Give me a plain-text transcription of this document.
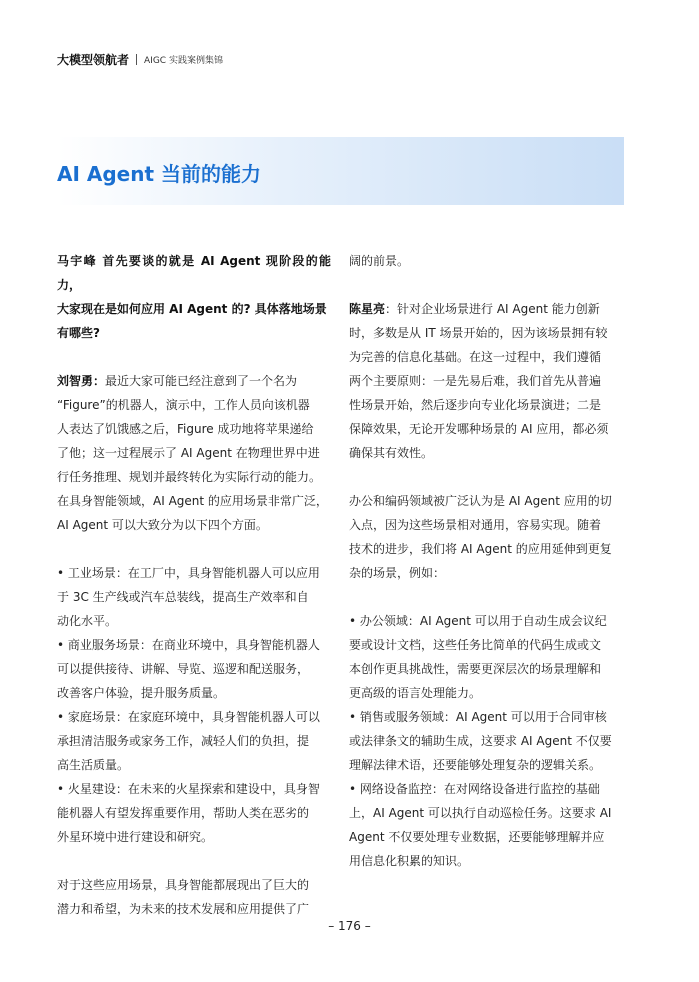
大模型领航者 AIGC 实践案例集锦
AI Agent 当前的能力

马宇峰 首先要谈的就是 AI Agent 现阶段的能力，

大家现在是如何应用 AI Agent 的? 具体落地场景

有哪些?

刘智勇：最近大家可能已经注意到了一个名为

“Figure”的机器人，演示中，工作人员向该机器

人表达了饥饿感之后，Figure 成功地将苹果递给

了他；这一过程展示了 AI Agent 在物理世界中进

行任务推理、规划并最终转化为实际行动的能力。

在具身智能领域，AI Agent 的应用场景非常广泛，

AI Agent 可以大致分为以下四个方面。

• 工业场景：在工厂中，具身智能机器人可以应用

于 3C 生产线或汽车总装线，提高生产效率和自

动化水平。

• 商业服务场景：在商业环境中，具身智能机器人

可以提供接待、讲解、导览、巡逻和配送服务，

改善客户体验，提升服务质量。

• 家庭场景：在家庭环境中，具身智能机器人可以

承担清洁服务或家务工作，减轻人们的负担，提

高生活质量。

• 火星建设：在未来的火星探索和建设中，具身智

能机器人有望发挥重要作用，帮助人类在恶劣的

外星环境中进行建设和研究。

对于这些应用场景，具身智能都展现出了巨大的

潜力和希望，为未来的技术发展和应用提供了广

阔的前景。

陈星亮：针对企业场景进行 AI Agent 能力创新

时，多数是从 IT 场景开始的，因为该场景拥有较

为完善的信息化基础。在这一过程中，我们遵循

两个主要原则：一是先易后难，我们首先从普遍

性场景开始，然后逐步向专业化场景演进；二是

保障效果，无论开发哪种场景的 AI 应用，都必须

确保其有效性。

办公和编码领域被广泛认为是 AI Agent 应用的切

入点，因为这些场景相对通用，容易实现。随着

技术的进步，我们将 AI Agent 的应用延伸到更复

杂的场景，例如：

• 办公领域：AI Agent 可以用于自动生成会议纪

要或设计文档，这些任务比简单的代码生成或文

本创作更具挑战性，需要更深层次的场景理解和

更高级的语言处理能力。

• 销售或服务领域：AI Agent 可以用于合同审核

或法律条文的辅助生成，这要求 AI Agent 不仅要

理解法律术语，还要能够处理复杂的逻辑关系。

• 网络设备监控：在对网络设备进行监控的基础

上，AI Agent 可以执行自动巡检任务。这要求 AI

Agent 不仅要处理专业数据，还要能够理解并应

用信息化积累的知识。

– 176 –
